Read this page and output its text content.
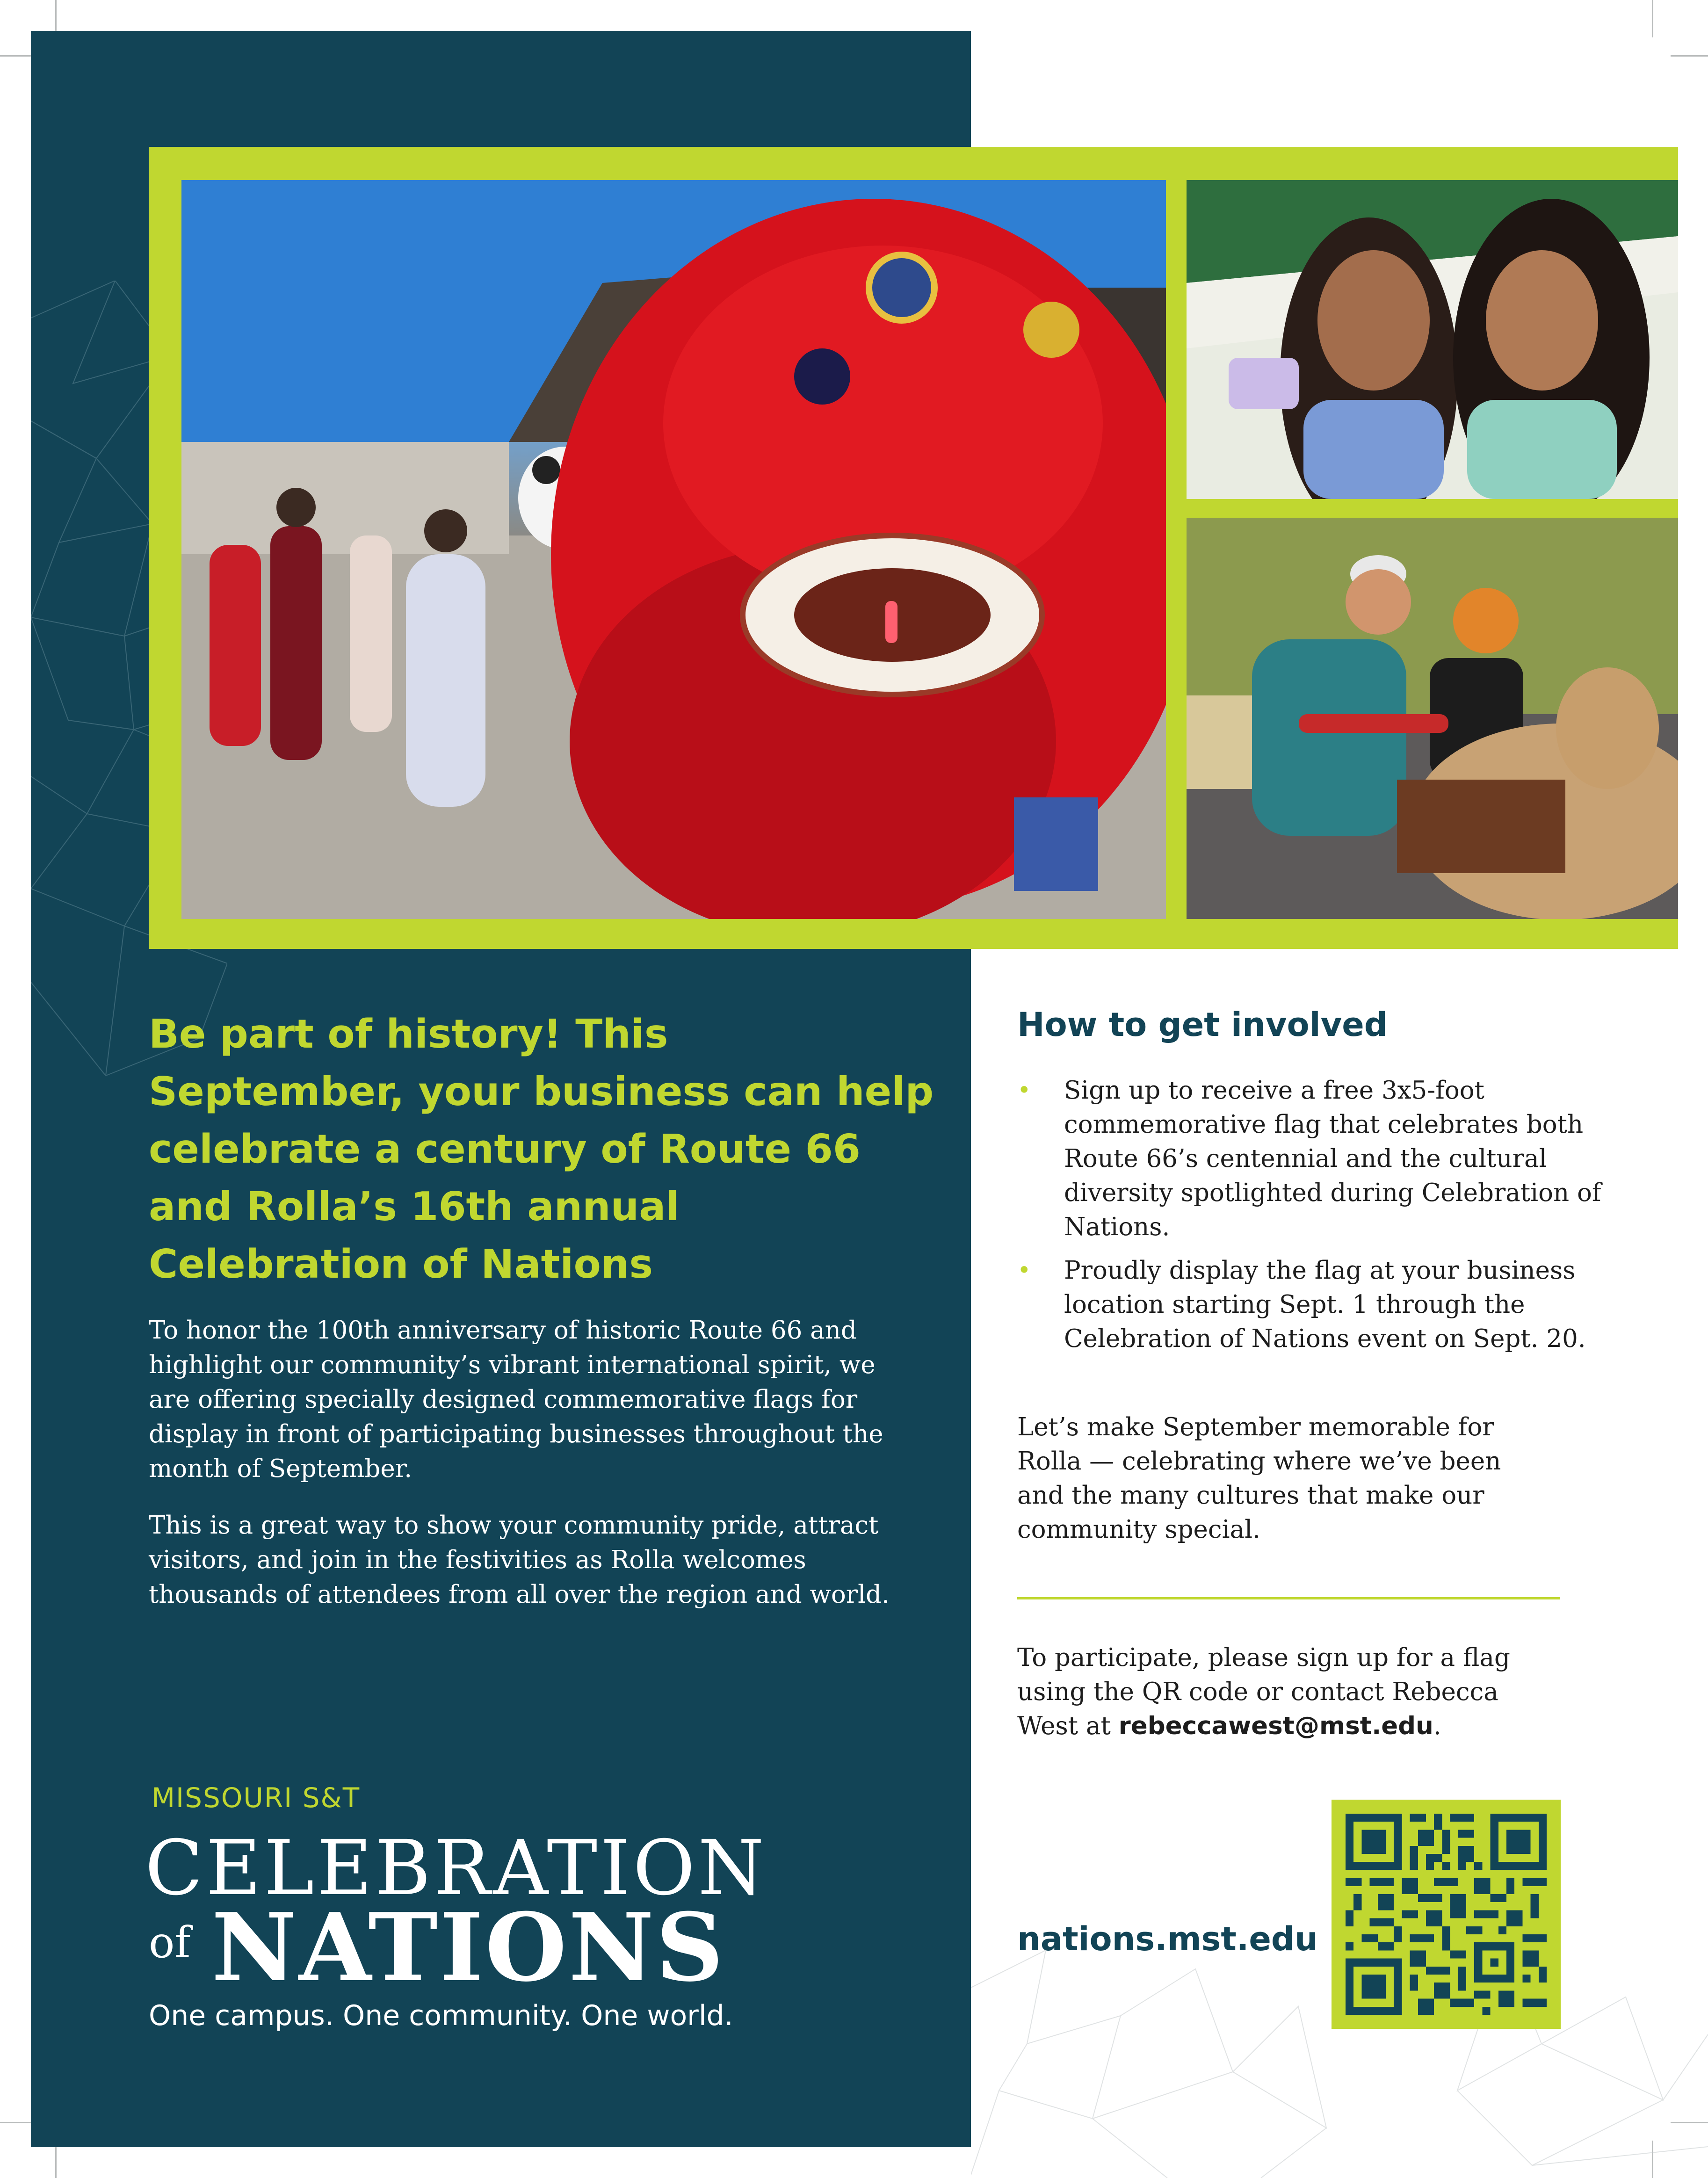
Be part of history! This September, your business can help celebrate a century of Route 66 and Rolla’s 16th annual Celebration of Nations

To honor the 100th anniversary of historic Route 66 and highlight our community’s vibrant international spirit, we are offering specially designed commemorative flags for display in front of participating businesses throughout the month of September.

This is a great way to show your community pride, attract visitors, and join in the festivities as Rolla welcomes thousands of attendees from all over the region and world.

MISSOURI S&T

CELEBRATION

of NATIONS

One campus. One community. One world.

How to get involved
• Sign up to receive a free 3x5-foot commemorative flag that celebrates both Route 66’s centennial and the cultural diversity spotlighted during Celebration of Nations.
• Proudly display the flag at your business location starting Sept. 1 through the Celebration of Nations event on Sept. 20.

Let’s make September memorable for Rolla — celebrating where we’ve been and the many cultures that make our community special.

To participate, please sign up for a flag using the QR code or contact Rebecca West at rebeccawest@mst.edu.

nations.mst.edu
